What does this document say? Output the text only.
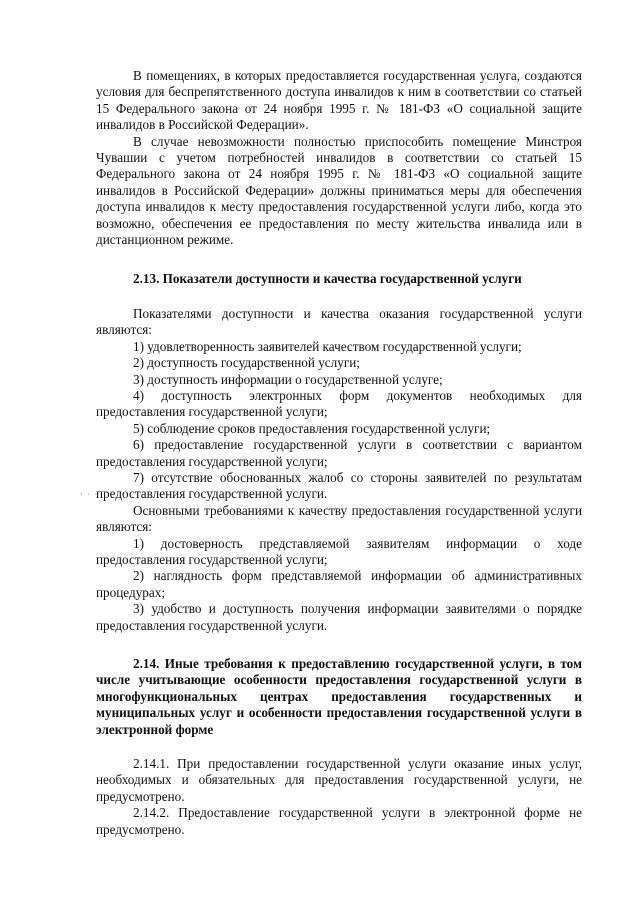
· · ·

В помещениях, в которых предоставляется государственная услуга, создаются условия для беспрепятственного доступа инвалидов к ним в соответствии со статьей 15 Федерального закона от 24 ноября 1995 г. № 181-ФЗ «О социальной защите инвалидов в Российской Федерации».

В случае невозможности полностью приспособить помещение Минстроя Чувашии с учетом потребностей инвалидов в соответствии со статьей 15 Федерального закона от 24 ноября 1995 г. № 181-ФЗ «О социальной защите инвалидов в Российской Федерации» должны приниматься меры для обеспечения доступа инвалидов к месту предоставления государственной услуги либо, когда это возможно, обеспечения ее предоставления по месту жительства инвалида или в дистанционном режиме.

2.13. Показатели доступности и качества государственной услуги

Показателями доступности и качества оказания государственной услуги являются:

1) удовлетворенность заявителей качеством государственной услуги;

2) доступность государственной услуги;

3) доступность информации о государственной услуге;

4) доступность электронных форм документов необходимых для предоставления государственной услуги;

5) соблюдение сроков предоставления государственной услуги;

6) предоставление государственной услуги в соответствии с вариантом предоставления государственной услуги;

7) отсутствие обоснованных жалоб со стороны заявителей по результатам предоставления государственной услуги.

Основными требованиями к качеству предоставления государственной услуги являются:

1) достоверность представляемой заявителям информации о ходе предоставления государственной услуги;

2) наглядность форм представляемой информации об административных процедурах;

3) удобство и доступность получения информации заявителями о порядке предоставления государственной услуги.

2.14. Иные требования к предоставлению государственной услуги, в том числе учитывающие особенности предоставления государственной услуги в многофункциональных центрах предоставления государственных и муниципальных услуг и особенности предоставления государственной услуги в электронной форме

2.14.1. При предоставлении государственной услуги оказание иных услуг, необходимых и обязательных для предоставления государственной услуги, не предусмотрено.

2.14.2. Предоставление государственной услуги в электронной форме не предусмотрено.
